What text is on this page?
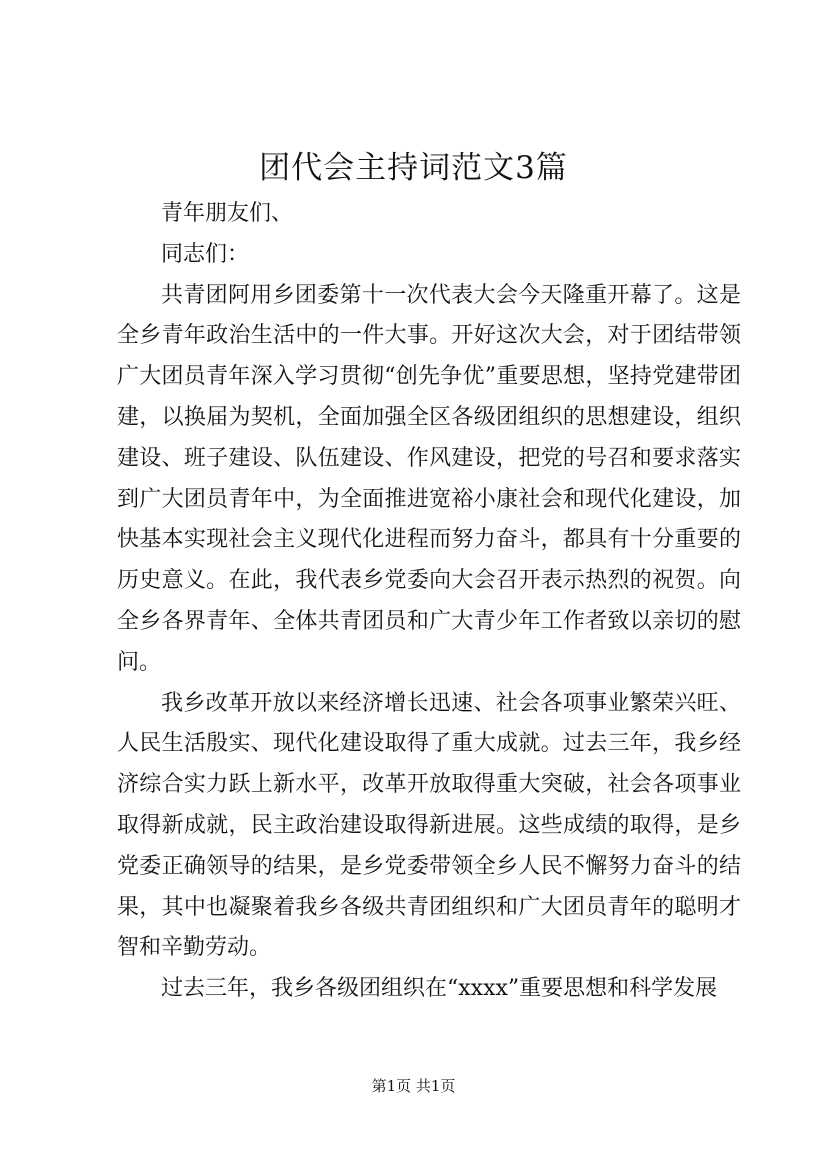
团代会主持词范文3篇

青年朋友们、

同志们：

共青团阿用乡团委第十一次代表大会今天隆重开幕了。这是全乡青年政治生活中的一件大事。开好这次大会，对于团结带领广大团员青年深入学习贯彻“创先争优”重要思想，坚持党建带团建，以换届为契机，全面加强全区各级团组织的思想建设，组织建设、班子建设、队伍建设、作风建设，把党的号召和要求落实到广大团员青年中，为全面推进宽裕小康社会和现代化建设，加快基本实现社会主义现代化进程而努力奋斗，都具有十分重要的历史意义。在此，我代表乡党委向大会召开表示热烈的祝贺。向全乡各界青年、全体共青团员和广大青少年工作者致以亲切的慰问。

我乡改革开放以来经济增长迅速、社会各项事业繁荣兴旺、人民生活殷实、现代化建设取得了重大成就。过去三年，我乡经济综合实力跃上新水平，改革开放取得重大突破，社会各项事业取得新成就，民主政治建设取得新进展。这些成绩的取得，是乡党委正确领导的结果，是乡党委带领全乡人民不懈努力奋斗的结果，其中也凝聚着我乡各级共青团组织和广大团员青年的聪明才智和辛勤劳动。

过去三年，我乡各级团组织在“xxxx”重要思想和科学发展

第1页 共1页
